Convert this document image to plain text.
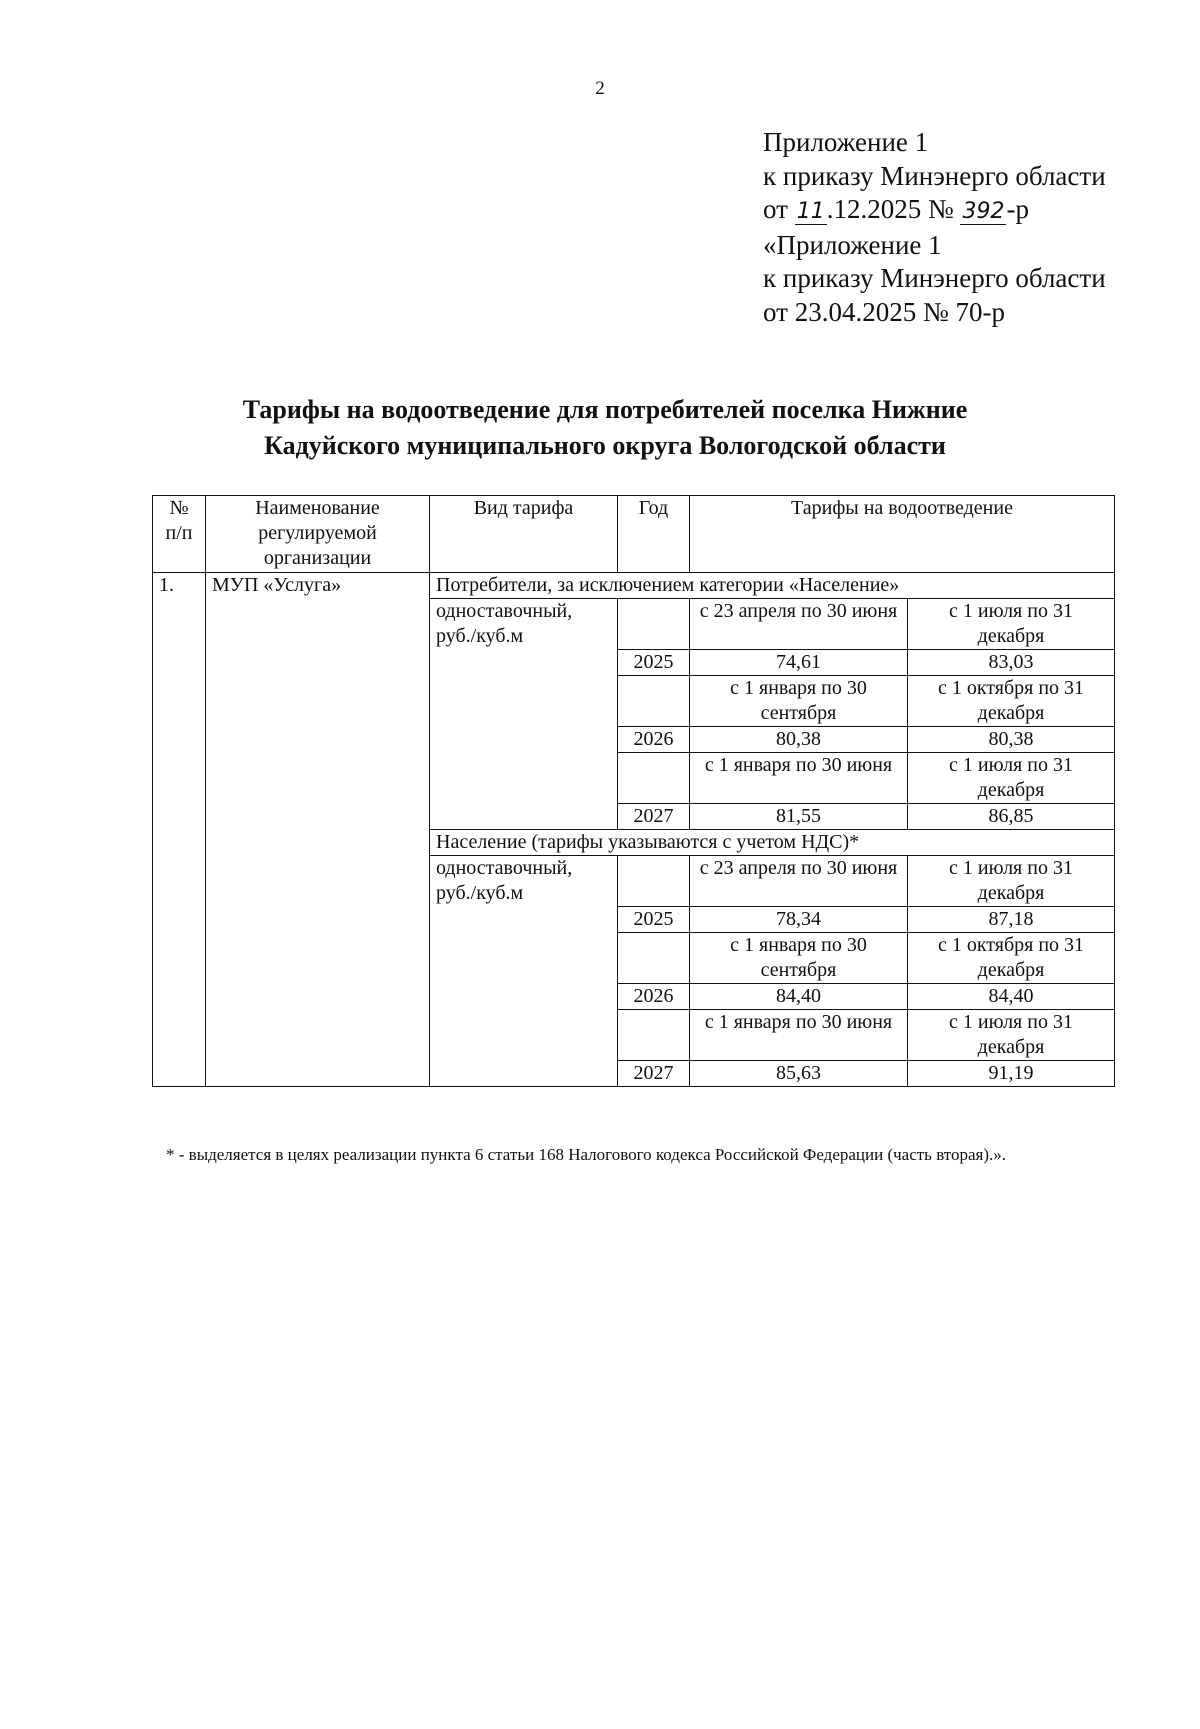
2
Приложение 1
к приказу Минэнерго области
от 11.12.2025 № 392-р
«Приложение 1
к приказу Минэнерго области
от 23.04.2025 № 70-р
Тарифы на водоотведение для потребителей поселка Нижние
Кадуйского муниципального округа Вологодской области
№ п/п	Наименование регулируемой организации	Вид тарифа	Год	Тарифы на водоотведение	
1.	МУП «Услуга»	Потребители, за исключением категории «Население»			
		одноставочный, руб./куб.м		с 23 апреля по 30 июня	с 1 июля по 31 декабря
			2025	74,61	83,03
				с 1 января по 30 сентября	с 1 октября по 31 декабря
			2026	80,38	80,38
				с 1 января по 30 июня	с 1 июля по 31 декабря
			2027	81,55	86,85
		Население (тарифы указываются с учетом НДС)*			
		одноставочный, руб./куб.м		с 23 апреля по 30 июня	с 1 июля по 31 декабря
			2025	78,34	87,18
				с 1 января по 30 сентября	с 1 октября по 31 декабря
			2026	84,40	84,40
				с 1 января по 30 июня	с 1 июля по 31 декабря
			2027	85,63	91,19
* - выделяется в целях реализации пункта 6 статьи 168 Налогового кодекса Российской Федерации (часть вторая).».
